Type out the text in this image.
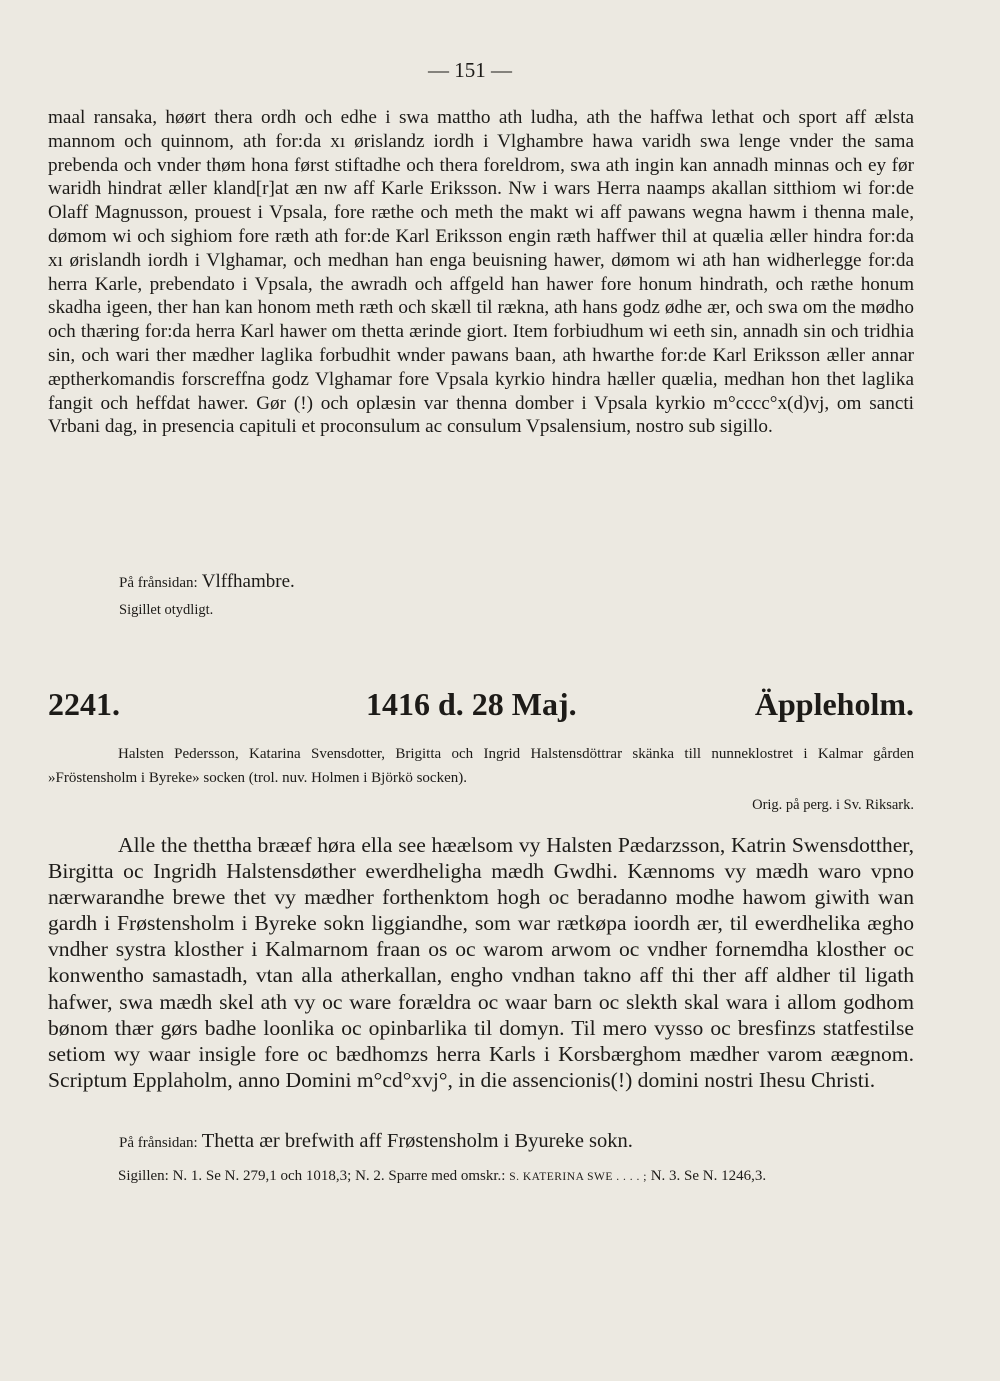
— 151 —

maal ransaka, høørt thera ordh och edhe i swa mattho ath ludha, ath the haffwa lethat och sport aff ælsta mannom och quinnom, ath for:da xı ørislandz iordh i Vlghambre hawa varidh swa lenge vnder the sama prebenda och vnder thøm hona først stiftadhe och thera foreldrom, swa ath ingin kan annadh minnas och ey før waridh hindrat æller kland[r]at æn nw aff Karle Eriksson. Nw i wars Herra naamps akallan sitthiom wi for:de Olaff Magnusson, prouest i Vpsala, fore ræthe och meth the makt wi aff pawans wegna hawm i thenna male, dømom wi och sighiom fore ræth ath for:de Karl Eriksson engin ræth haffwer thil at quælia æller hindra for:da xı ørislandh iordh i Vlghamar, och medhan han enga beuisning hawer, dømom wi ath han widherlegge for:da herra Karle, prebendato i Vpsala, the awradh och affgeld han hawer fore honum hindrath, och ræthe honum skadha igeen, ther han kan honom meth ræth och skæll til rækna, ath hans godz ødhe ær, och swa om the mødho och thæring for:da herra Karl hawer om thetta ærinde giort. Item forbiudhum wi eeth sin, annadh sin och tridhia sin, och wari ther mædher laglika forbudhit wnder pawans baan, ath hwarthe for:de Karl Eriksson æller annar æptherkomandis forscreffna godz Vlghamar fore Vpsala kyrkio hindra hæller quælia, medhan hon thet laglika fangit och heffdat hawer. Gør (!) och oplæsin var thenna domber i Vpsala kyrkio m°cccc°x(d)vj, om sancti Vrbani dag, in presencia capituli et proconsulum ac consulum Vpsalensium, nostro sub sigillo.

På frånsidan: Vlffhambre.
Sigillet otydligt.
2241.	1416 d. 28 Maj.	Äppleholm.
Halsten Pedersson, Katarina Svensdotter, Brigitta och Ingrid Halstensdöttrar skänka till nunneklostret i Kalmar gården »Fröstensholm i Byreke» socken (trol. nuv. Holmen i Björkö socken).
Orig. på perg. i Sv. Riksark.

Alle the thettha brææf høra ella see hæælsom vy Halsten Pædarzsson, Katrin Swensdotther, Birgitta oc Ingridh Halstensdøther ewerdheligha mædh Gwdhi. Kænnoms vy mædh waro vpno nærwarandhe brewe thet vy mædher forthenktom hogh oc beradanno modhe hawom giwith wan gardh i Frøstensholm i Byreke sokn liggiandhe, som war rætkøpa ioordh ær, til ewerdhelika ægho vndher systra klosther i Kalmarnom fraan os oc warom arwom oc vndher fornemdha klosther oc konwentho samastadh, vtan alla atherkallan, engho vndhan takno aff thi ther aff aldher til ligath hafwer, swa mædh skel ath vy oc ware forældra oc waar barn oc slekth skal wara i allom godhom bønom thær gørs badhe loonlika oc opinbarlika til domyn. Til mero vysso oc bresfinzs statfestilse setiom wy waar insigle fore oc bædhomzs herra Karls i Korsbærghom mædher varom æægnom. Scriptum Epplaholm, anno Domini m°cd°xvj°, in die assencionis(!) domini nostri Ihesu Christi.

På frånsidan: Thetta ær brefwith aff Frøstensholm i Byureke sokn.
Sigillen: N. 1. Se N. 279,1 och 1018,3; N. 2. Sparre med omskr.: S. KATERINA SWE . . . . ; N. 3. Se N. 1246,3.
